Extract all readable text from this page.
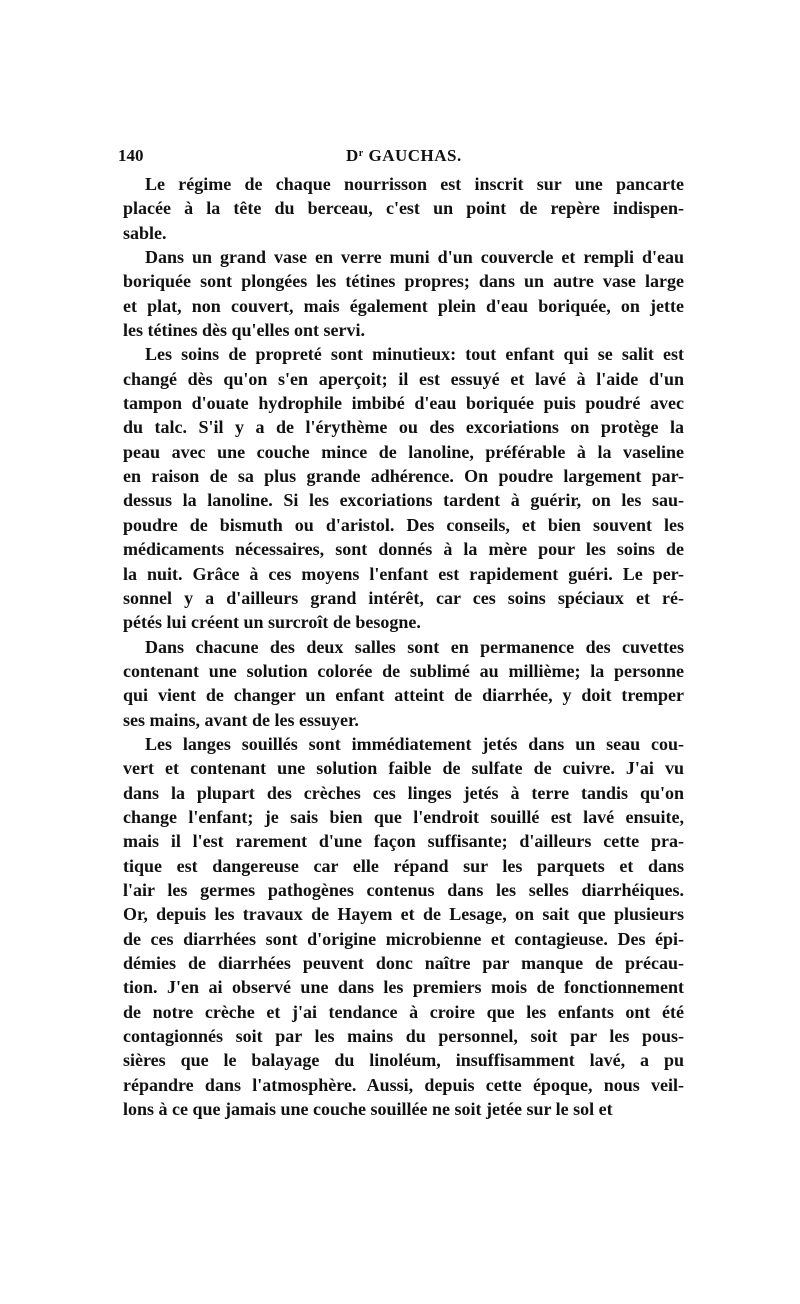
140	$D^r$ GAUCHAS.
Le régime de chaque nourrisson est inscrit sur une pancarte
placée à la tête du berceau, c'est un point de repère indispen-
sable.
Dans un grand vase en verre muni d'un couvercle et rempli d'eau
boriquée sont plongées les tétines propres; dans un autre vase large
et plat, non couvert, mais également plein d'eau boriquée, on jette
les tétines dès qu'elles ont servi.
Les soins de propreté sont minutieux: tout enfant qui se salit est
changé dès qu'on s'en aperçoit; il est essuyé et lavé à l'aide d'un
tampon d'ouate hydrophile imbibé d'eau boriquée puis poudré avec
du talc. S'il y a de l'érythème ou des excoriations on protège la
peau avec une couche mince de lanoline, préférable à la vaseline
en raison de sa plus grande adhérence. On poudre largement par-
dessus la lanoline. Si les excoriations tardent à guérir, on les sau-
poudre de bismuth ou d'aristol. Des conseils, et bien souvent les
médicaments nécessaires, sont donnés à la mère pour les soins de
la nuit. Grâce à ces moyens l'enfant est rapidement guéri. Le per-
sonnel y a d'ailleurs grand intérêt, car ces soins spéciaux et ré-
pétés lui créent un surcroît de besogne.
Dans chacune des deux salles sont en permanence des cuvettes
contenant une solution colorée de sublimé au millième; la personne
qui vient de changer un enfant atteint de diarrhée, y doit tremper
ses mains, avant de les essuyer.
Les langes souillés sont immédiatement jetés dans un seau cou-
vert et contenant une solution faible de sulfate de cuivre. J'ai vu
dans la plupart des crèches ces linges jetés à terre tandis qu'on
change l'enfant; je sais bien que l'endroit souillé est lavé ensuite,
mais il l'est rarement d'une façon suffisante; d'ailleurs cette pra-
tique est dangereuse car elle répand sur les parquets et dans
l'air les germes pathogènes contenus dans les selles diarrhéiques.
Or, depuis les travaux de Hayem et de Lesage, on sait que plusieurs
de ces diarrhées sont d'origine microbienne et contagieuse. Des épi-
démies de diarrhées peuvent donc naître par manque de précau-
tion. J'en ai observé une dans les premiers mois de fonctionnement
de notre crèche et j'ai tendance à croire que les enfants ont été
contagionnés soit par les mains du personnel, soit par les pous-
sières que le balayage du linoléum, insuffisamment lavé, a pu
répandre dans l'atmosphère. Aussi, depuis cette époque, nous veil-
lons à ce que jamais une couche souillée ne soit jetée sur le sol et
